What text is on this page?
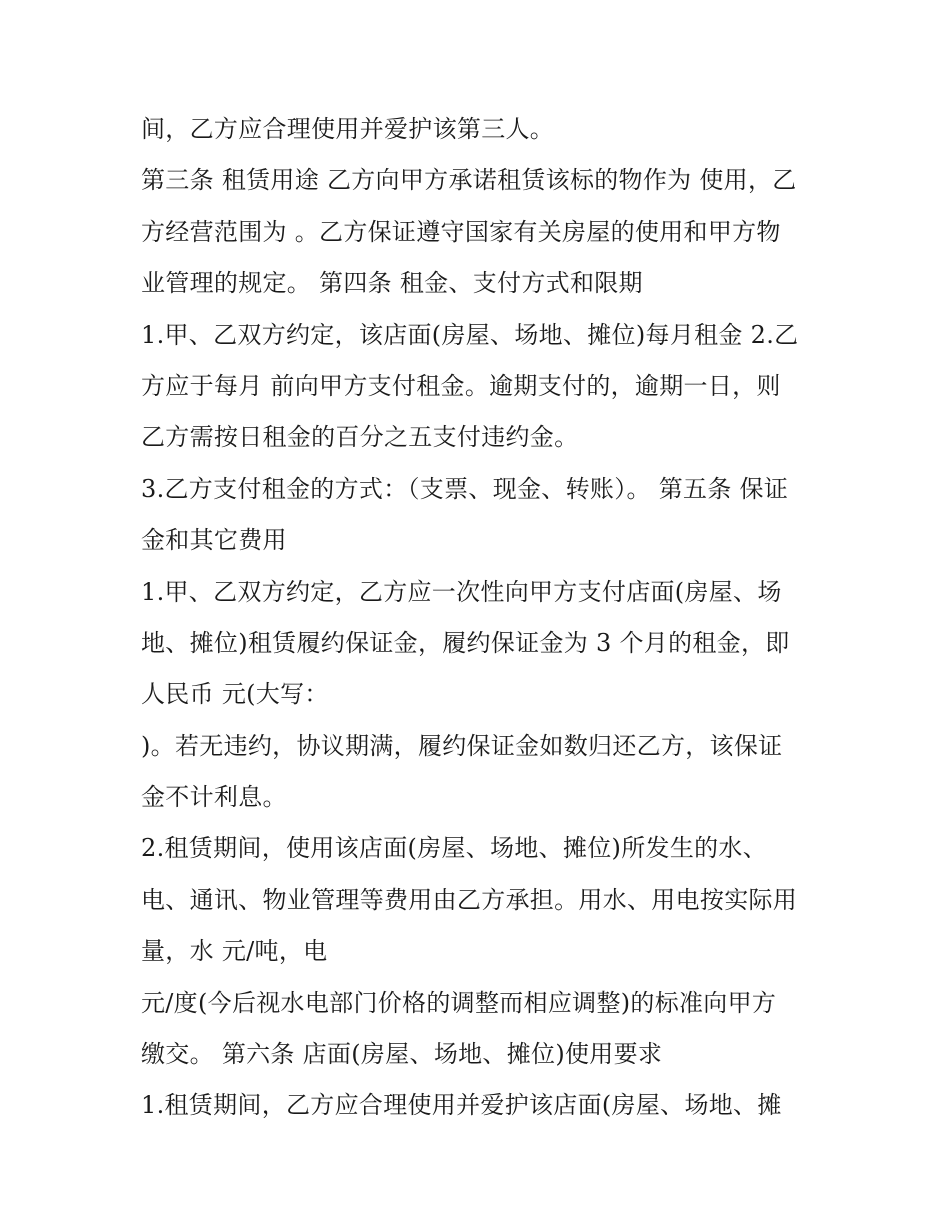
间，乙方应合理使用并爱护该第三人。
第三条 租赁用途 乙方向甲方承诺租赁该标的物作为 使用，乙
方经营范围为 。乙方保证遵守国家有关房屋的使用和甲方物
业管理的规定。 第四条 租金、支付方式和限期
1.甲、乙双方约定，该店面(房屋、场地、摊位)每月租金 2.乙
方应于每月 前向甲方支付租金。逾期支付的，逾期一日，则
乙方需按日租金的百分之五支付违约金。
3.乙方支付租金的方式：（支票、现金、转账）。 第五条 保证
金和其它费用
1.甲、乙双方约定，乙方应一次性向甲方支付店面(房屋、场
地、摊位)租赁履约保证金，履约保证金为 3 个月的租金，即
人民币 元(大写：
)。若无违约，协议期满，履约保证金如数归还乙方，该保证
金不计利息。
2.租赁期间，使用该店面(房屋、场地、摊位)所发生的水、
电、通讯、物业管理等费用由乙方承担。用水、用电按实际用
量，水 元/吨，电
元/度(今后视水电部门价格的调整而相应调整)的标准向甲方
缴交。 第六条 店面(房屋、场地、摊位)使用要求
1.租赁期间，乙方应合理使用并爱护该店面(房屋、场地、摊
